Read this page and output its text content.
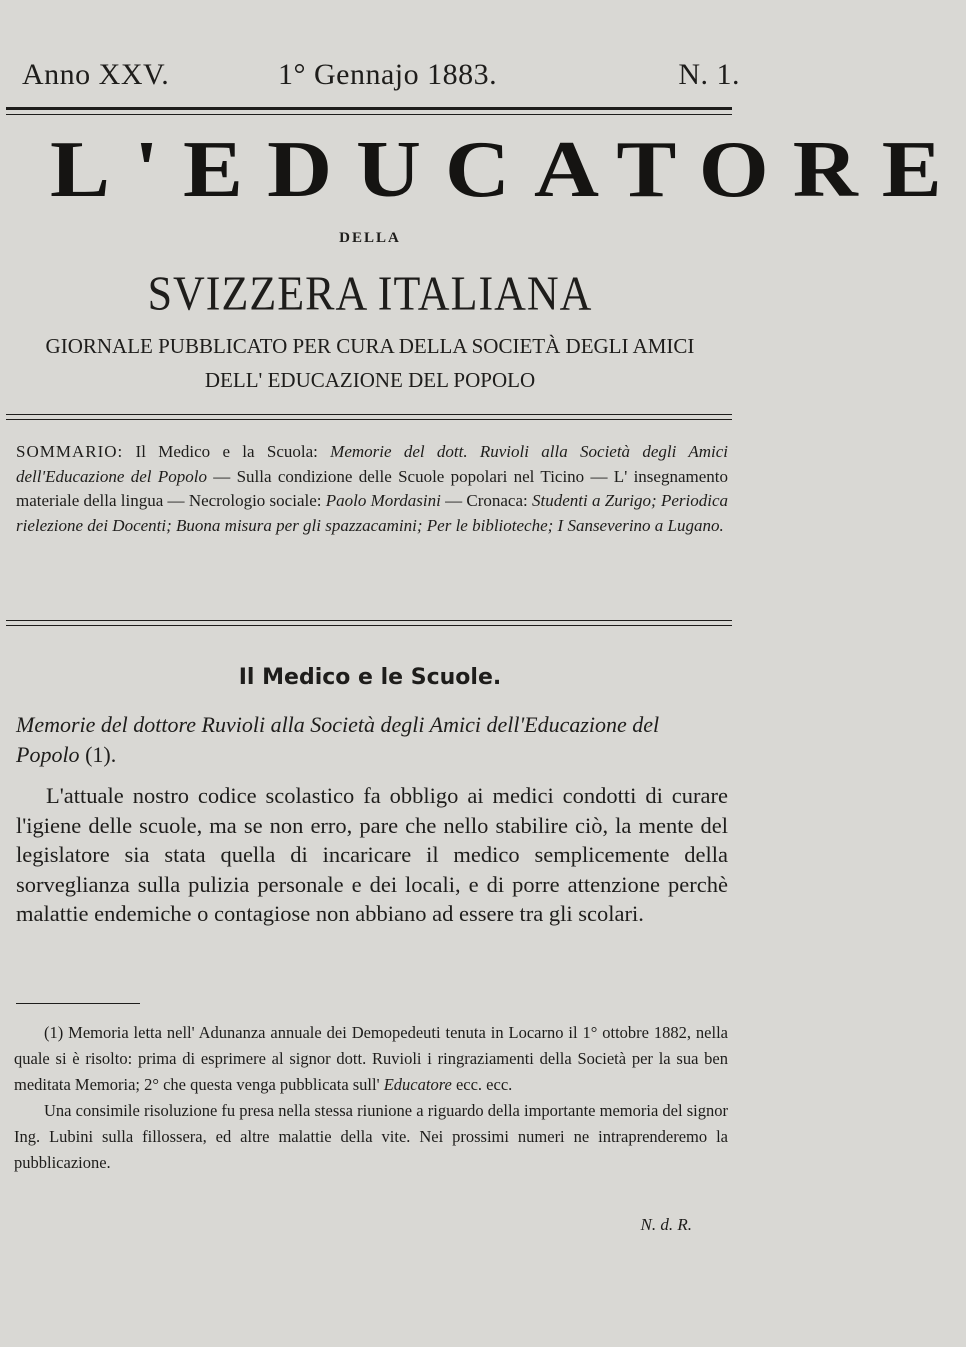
Anno XXV.	1° Gennajo 1883.	N. 1.
L'EDUCATORE
DELLA
SVIZZERA ITALIANA
GIORNALE PUBBLICATO PER CURA DELLA SOCIETÀ DEGLI AMICI
DELL' EDUCAZIONE DEL POPOLO
SOMMARIO: Il Medico e la Scuola: Memorie del dott. Ruvioli alla Società degli Amici dell'Educazione del Popolo — Sulla condizione delle Scuole popolari nel Ticino — L' insegnamento materiale della lingua — Necrologio sociale: Paolo Mordasini — Cronaca: Studenti a Zurigo; Periodica rielezione dei Docenti; Buona misura per gli spazzacamini; Per le biblioteche; I Sanseverino a Lugano.
Il Medico e le Scuole.
Memorie del dottore Ruvioli alla Società degli Amici dell'Educazione del Popolo (1).

L'attuale nostro codice scolastico fa obbligo ai medici condotti di curare l'igiene delle scuole, ma se non erro, pare che nello stabilire ciò, la mente del legislatore sia stata quella di incaricare il medico semplicemente della sorveglianza sulla pulizia personale e dei locali, e di porre attenzione perchè malattie endemiche o contagiose non abbiano ad essere tra gli scolari.

(1) Memoria letta nell' Adunanza annuale dei Demopedeuti tenuta in Locarno il 1° ottobre 1882, nella quale si è risolto: prima di esprimere al signor dott. Ruvioli i ringraziamenti della Società per la sua ben meditata Memoria; 2° che questa venga pubblicata sull' Educatore ecc. ecc.

Una consimile risoluzione fu presa nella stessa riunione a riguardo della importante memoria del signor Ing. Lubini sulla fillossera, ed altre malattie della vite. Nei prossimi numeri ne intraprenderemo la pubblicazione.

N. d. R.
